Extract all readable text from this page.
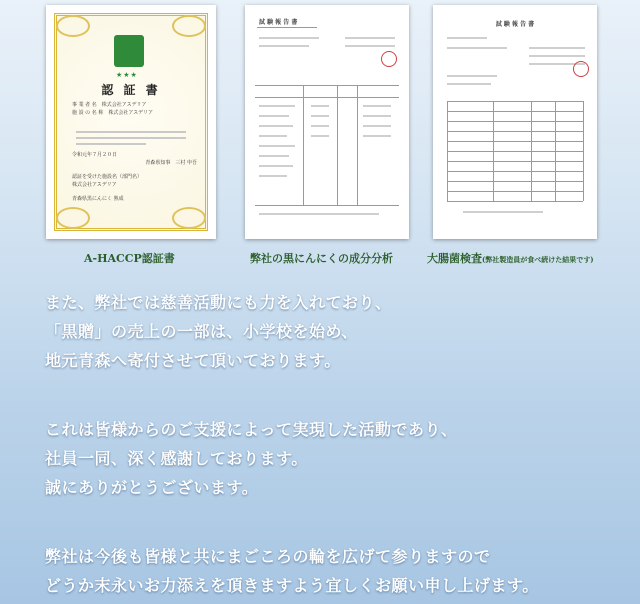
★★★
認 証 書
事 業 者 名　株式会社アスデリア
施 設 の 名 称　株式会社アスデリア
令和元年７月２０日
青森県知事　三村 申吾
認証を受けた施設名（部門名）
株式会社アスデリア
青森県黒にんにく 熟成
試 験 報 告 書	試 験 報 告 書
A-HACCP認証書	弊社の黒にんにくの成分分析	大腸菌検査(弊社製造員が食べ続けた結果です)
また、弊社では慈善活動にも力を入れており、
「黒贈」の売上の一部は、小学校を始め、
地元青森へ寄付させて頂いております。
これは皆様からのご支援によって実現した活動であり、
社員一同、深く感謝しております。
誠にありがとうございます。
弊社は今後も皆様と共にまごころの輪を広げて参りますので
どうか末永いお力添えを頂きますよう宜しくお願い申し上げます。
